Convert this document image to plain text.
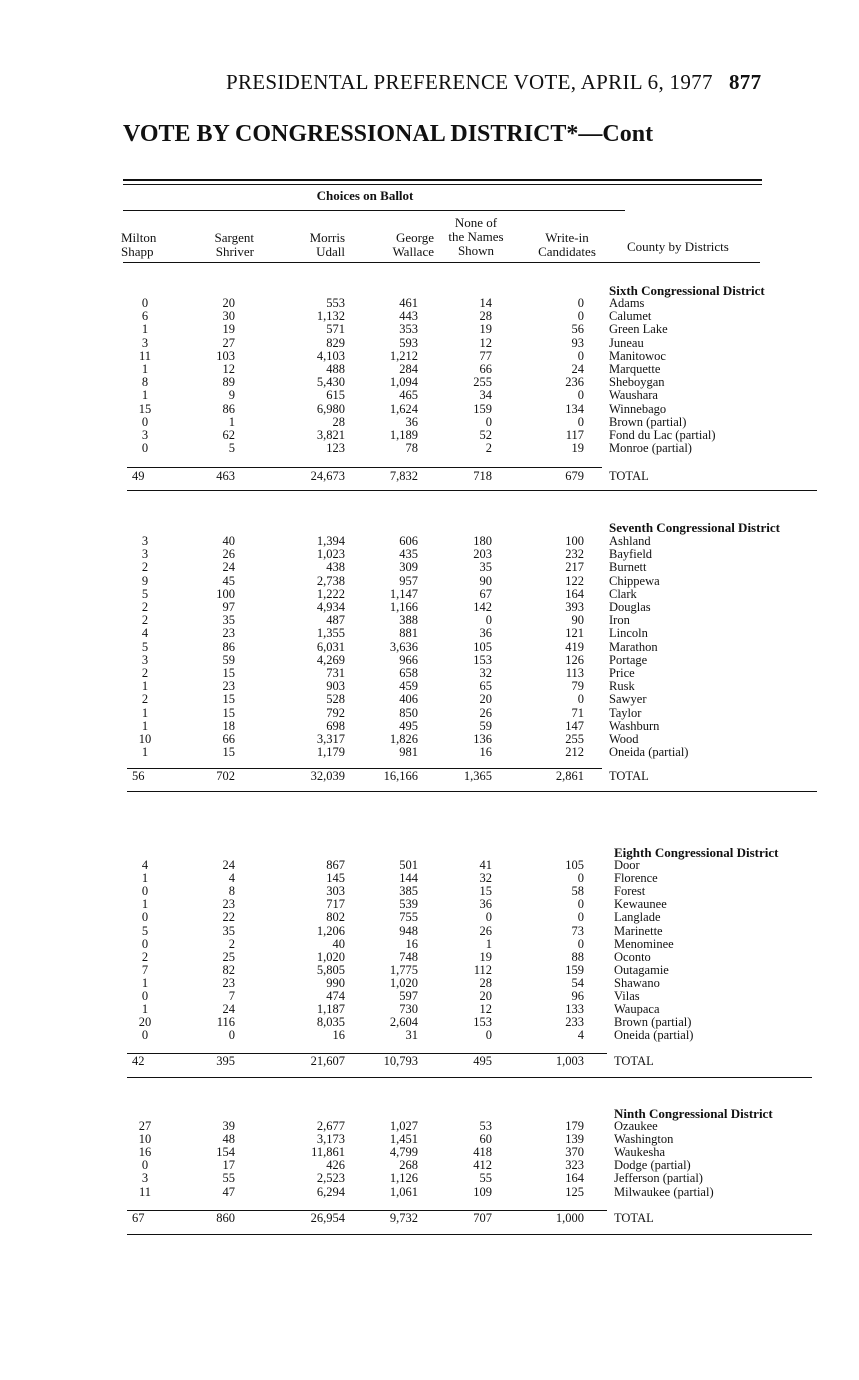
PRESIDENTAL PREFERENCE VOTE, APRIL 6, 1977 877
VOTE BY CONGRESSIONAL DISTRICT*—Cont
Choices on Ballot
Milton
Shapp
Sargent
Shriver
Morris
Udall
George
Wallace
None of
the Names
Shown
Write-in
Candidates	County by Districts
Sixth Congressional District
0	20	553	461	14	0 Adams
6	30	1,132	443	28	0 Calumet
1	19	571	353	19	56 Green Lake
3	27	829	593	12	93 Juneau
11	103	4,103	1,212	77	0 Manitowoc
1	12	488	284	66	24 Marquette
8	89	5,430	1,094	255	236 Sheboygan
1	9	615	465	34	0 Waushara
15	86	6,980	1,624	159	134 Winnebago
0	1	28	36	0	0 Brown (partial)
3	62	3,821	1,189	52	117 Fond du Lac (partial)
0	5	123	78	2	19 Monroe (partial)
49	463	24,673	7,832	718	679 TOTAL
Seventh Congressional District
3	40	1,394	606	180	100 Ashland
3	26	1,023	435	203	232 Bayfield
2	24	438	309	35	217 Burnett
9	45	2,738	957	90	122 Chippewa
5	100	1,222	1,147	67	164 Clark
2	97	4,934	1,166	142	393 Douglas
2	35	487	388	0	90 Iron
4	23	1,355	881	36	121 Lincoln
5	86	6,031	3,636	105	419 Marathon
3	59	4,269	966	153	126 Portage
2	15	731	658	32	113 Price
1	23	903	459	65	79 Rusk
2	15	528	406	20	0 Sawyer
1	15	792	850	26	71 Taylor
1	18	698	495	59	147 Washburn
10	66	3,317	1,826	136	255 Wood
1	15	1,179	981	16	212 Oneida (partial)
56	702	32,039	16,166	1,365	2,861 TOTAL
Eighth Congressional District
4	24	867	501	41	105 Door
1	4	145	144	32	0 Florence
0	8	303	385	15	58 Forest
1	23	717	539	36	0 Kewaunee
0	22	802	755	0	0 Langlade
5	35	1,206	948	26	73 Marinette
0	2	40	16	1	0 Menominee
2	25	1,020	748	19	88 Oconto
7	82	5,805	1,775	112	159 Outagamie
1	23	990	1,020	28	54 Shawano
0	7	474	597	20	96 Vilas
1	24	1,187	730	12	133 Waupaca
20	116	8,035	2,604	153	233 Brown (partial)
0	0	16	31	0	4 Oneida (partial)
42	395	21,607	10,793	495	1,003 TOTAL
Ninth Congressional District
27	39	2,677	1,027	53	179 Ozaukee
10	48	3,173	1,451	60	139 Washington
16	154	11,861	4,799	418	370 Waukesha
0	17	426	268	412	323 Dodge (partial)
3	55	2,523	1,126	55	164 Jefferson (partial)
11	47	6,294	1,061	109	125 Milwaukee (partial)
67	860	26,954	9,732	707	1,000 TOTAL
